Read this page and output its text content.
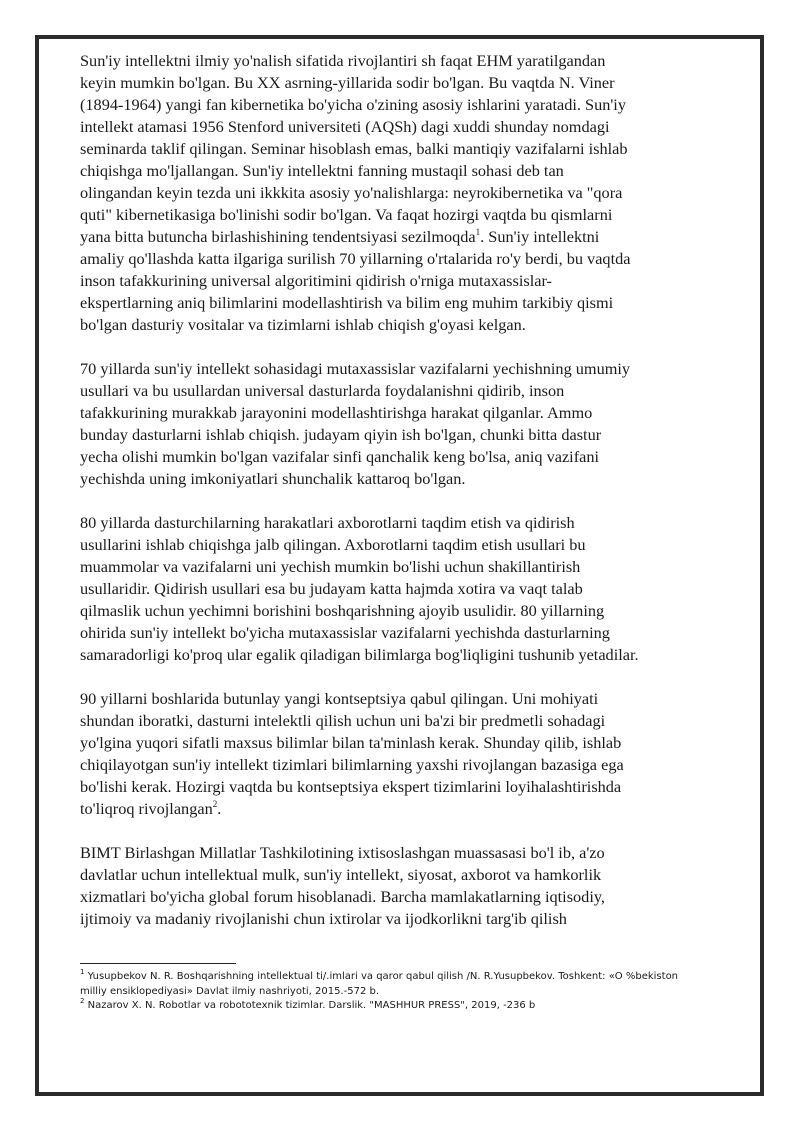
Sun'iy intellektni ilmiy yo'nalish sifatida rivojlantiri sh faqat EHM yaratilgandan keyin mumkin bo'lgan. Bu XX asrning-yillarida sodir bo'lgan. Bu vaqtda N. Viner (1894-1964) yangi fan kibernetika bo'yicha o'zining asosiy ishlarini yaratadi. Sun'iy intellekt atamasi 1956 Stenford universiteti (AQSh) dagi xuddi shunday nomdagi seminarda taklif qilingan. Seminar hisoblash emas, balki mantiqiy vazifalarni ishlab chiqishga mo'ljallangan. Sun'iy intellektni fanning mustaqil sohasi deb tan olingandan keyin tezda uni ikkkita asosiy yo'nalishlarga: neyrokibernetika va "qora quti" kibernetikasiga bo'linishi sodir bo'lgan. Va faqat hozirgi vaqtda bu qismlarni yana bitta butuncha birlashishining tendentsiyasi sezilmoqda$^1$. Sun'iy intellektni amaliy qo'llashda katta ilgariga surilish 70 yillarning o'rtalarida ro'y berdi, bu vaqtda inson tafakkurining universal algoritimini qidirish o'rniga mutaxassislar-ekspertlarning aniq bilimlarini modellashtirish va bilim eng muhim tarkibiy qismi bo'lgan dasturiy vositalar va tizimlarni ishlab chiqish g'oyasi kelgan.

70 yillarda sun'iy intellekt sohasidagi mutaxassislar vazifalarni yechishning umumiy usullari va bu usullardan universal dasturlarda foydalanishni qidirib, inson tafakkurining murakkab jarayonini modellashtirishga harakat qilganlar. Ammo bunday dasturlarni ishlab chiqish. judayam qiyin ish bo'lgan, chunki bitta dastur yecha olishi mumkin bo'lgan vazifalar sinfi qanchalik keng bo'lsa, aniq vazifani yechishda uning imkoniyatlari shunchalik kattaroq bo'lgan.

80 yillarda dasturchilarning harakatlari axborotlarni taqdim etish va qidirish usullarini ishlab chiqishga jalb qilingan. Axborotlarni taqdim etish usullari bu muammolar va vazifalarni uni yechish mumkin bo'lishi uchun shakillantirish usullaridir. Qidirish usullari esa bu judayam katta hajmda xotira va vaqt talab qilmaslik uchun yechimni borishini boshqarishning ajoyib usulidir. 80 yillarning ohirida sun'iy intellekt bo'yicha mutaxassislar vazifalarni yechishda dasturlarning samaradorligi ko'proq ular egalik qiladigan bilimlarga bog'liqligini tushunib yetadilar.

90 yillarni boshlarida butunlay yangi kontseptsiya qabul qilingan. Uni mohiyati shundan iboratki, dasturni intelektli qilish uchun uni ba'zi bir predmetli sohadagi yo'lgina yuqori sifatli maxsus bilimlar bilan ta'minlash kerak. Shunday qilib, ishlab chiqilayotgan sun'iy intellekt tizimlari bilimlarning yaxshi rivojlangan bazasiga ega bo'lishi kerak. Hozirgi vaqtda bu kontseptsiya ekspert tizimlarini loyihalashtirishda to'liqroq rivojlangan$^2$.

BIMT Birlashgan Millatlar Tashkilotining ixtisoslashgan muassasasi bo'l ib, a'zo davlatlar uchun intellektual mulk, sun'iy intellekt, siyosat, axborot va hamkorlik xizmatlari bo'yicha global forum hisoblanadi. Barcha mamlakatlarning iqtisodiy, ijtimoiy va madaniy rivojlanishi chun ixtirolar va ijodkorlikni targ'ib qilish

$^1$ Yusupbekov N. R. Boshqarishning intellektual ti/.imlari va qaror qabul qilish /N. R.Yusupbekov. Toshkent: «O %bekiston milliy ensiklopediyasi» Davlat ilmiy nashriyoti, 2015.-572 b.

$^2$ Nazarov X. N. Robotlar va robototexnik tizimlar. Darslik. "MASHHUR PRESS", 2019, -236 b
